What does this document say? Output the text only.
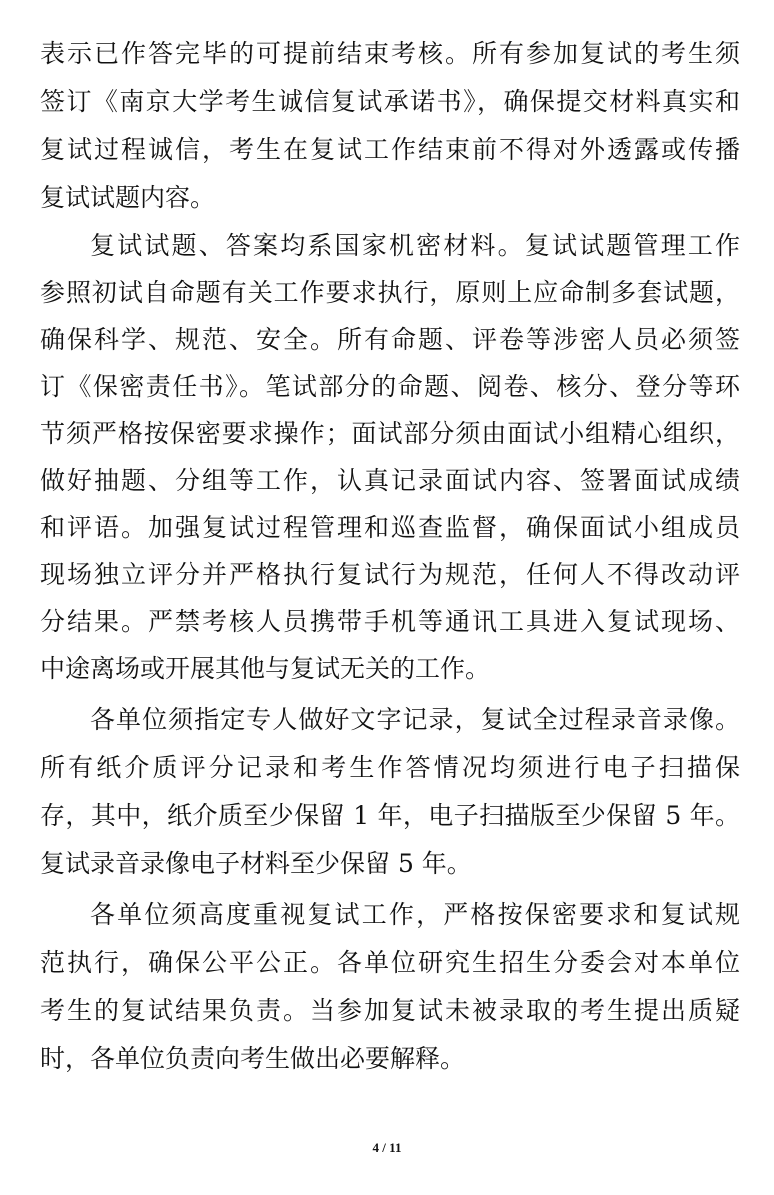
表示已作答完毕的可提前结束考核。所有参加复试的考生须
签订《南京大学考生诚信复试承诺书》，确保提交材料真实和
复试过程诚信，考生在复试工作结束前不得对外透露或传播
复试试题内容。
复试试题、答案均系国家机密材料。复试试题管理工作
参照初试自命题有关工作要求执行，原则上应命制多套试题，
确保科学、规范、安全。所有命题、评卷等涉密人员必须签
订《保密责任书》。笔试部分的命题、阅卷、核分、登分等环
节须严格按保密要求操作；面试部分须由面试小组精心组织，
做好抽题、分组等工作，认真记录面试内容、签署面试成绩
和评语。加强复试过程管理和巡查监督，确保面试小组成员
现场独立评分并严格执行复试行为规范，任何人不得改动评
分结果。严禁考核人员携带手机等通讯工具进入复试现场、
中途离场或开展其他与复试无关的工作。
各单位须指定专人做好文字记录，复试全过程录音录像。
所有纸介质评分记录和考生作答情况均须进行电子扫描保
存，其中，纸介质至少保留 1 年，电子扫描版至少保留 5 年。
复试录音录像电子材料至少保留 5 年。
各单位须高度重视复试工作，严格按保密要求和复试规
范执行，确保公平公正。各单位研究生招生分委会对本单位
考生的复试结果负责。当参加复试未被录取的考生提出质疑
时，各单位负责向考生做出必要解释。
4 / 11
